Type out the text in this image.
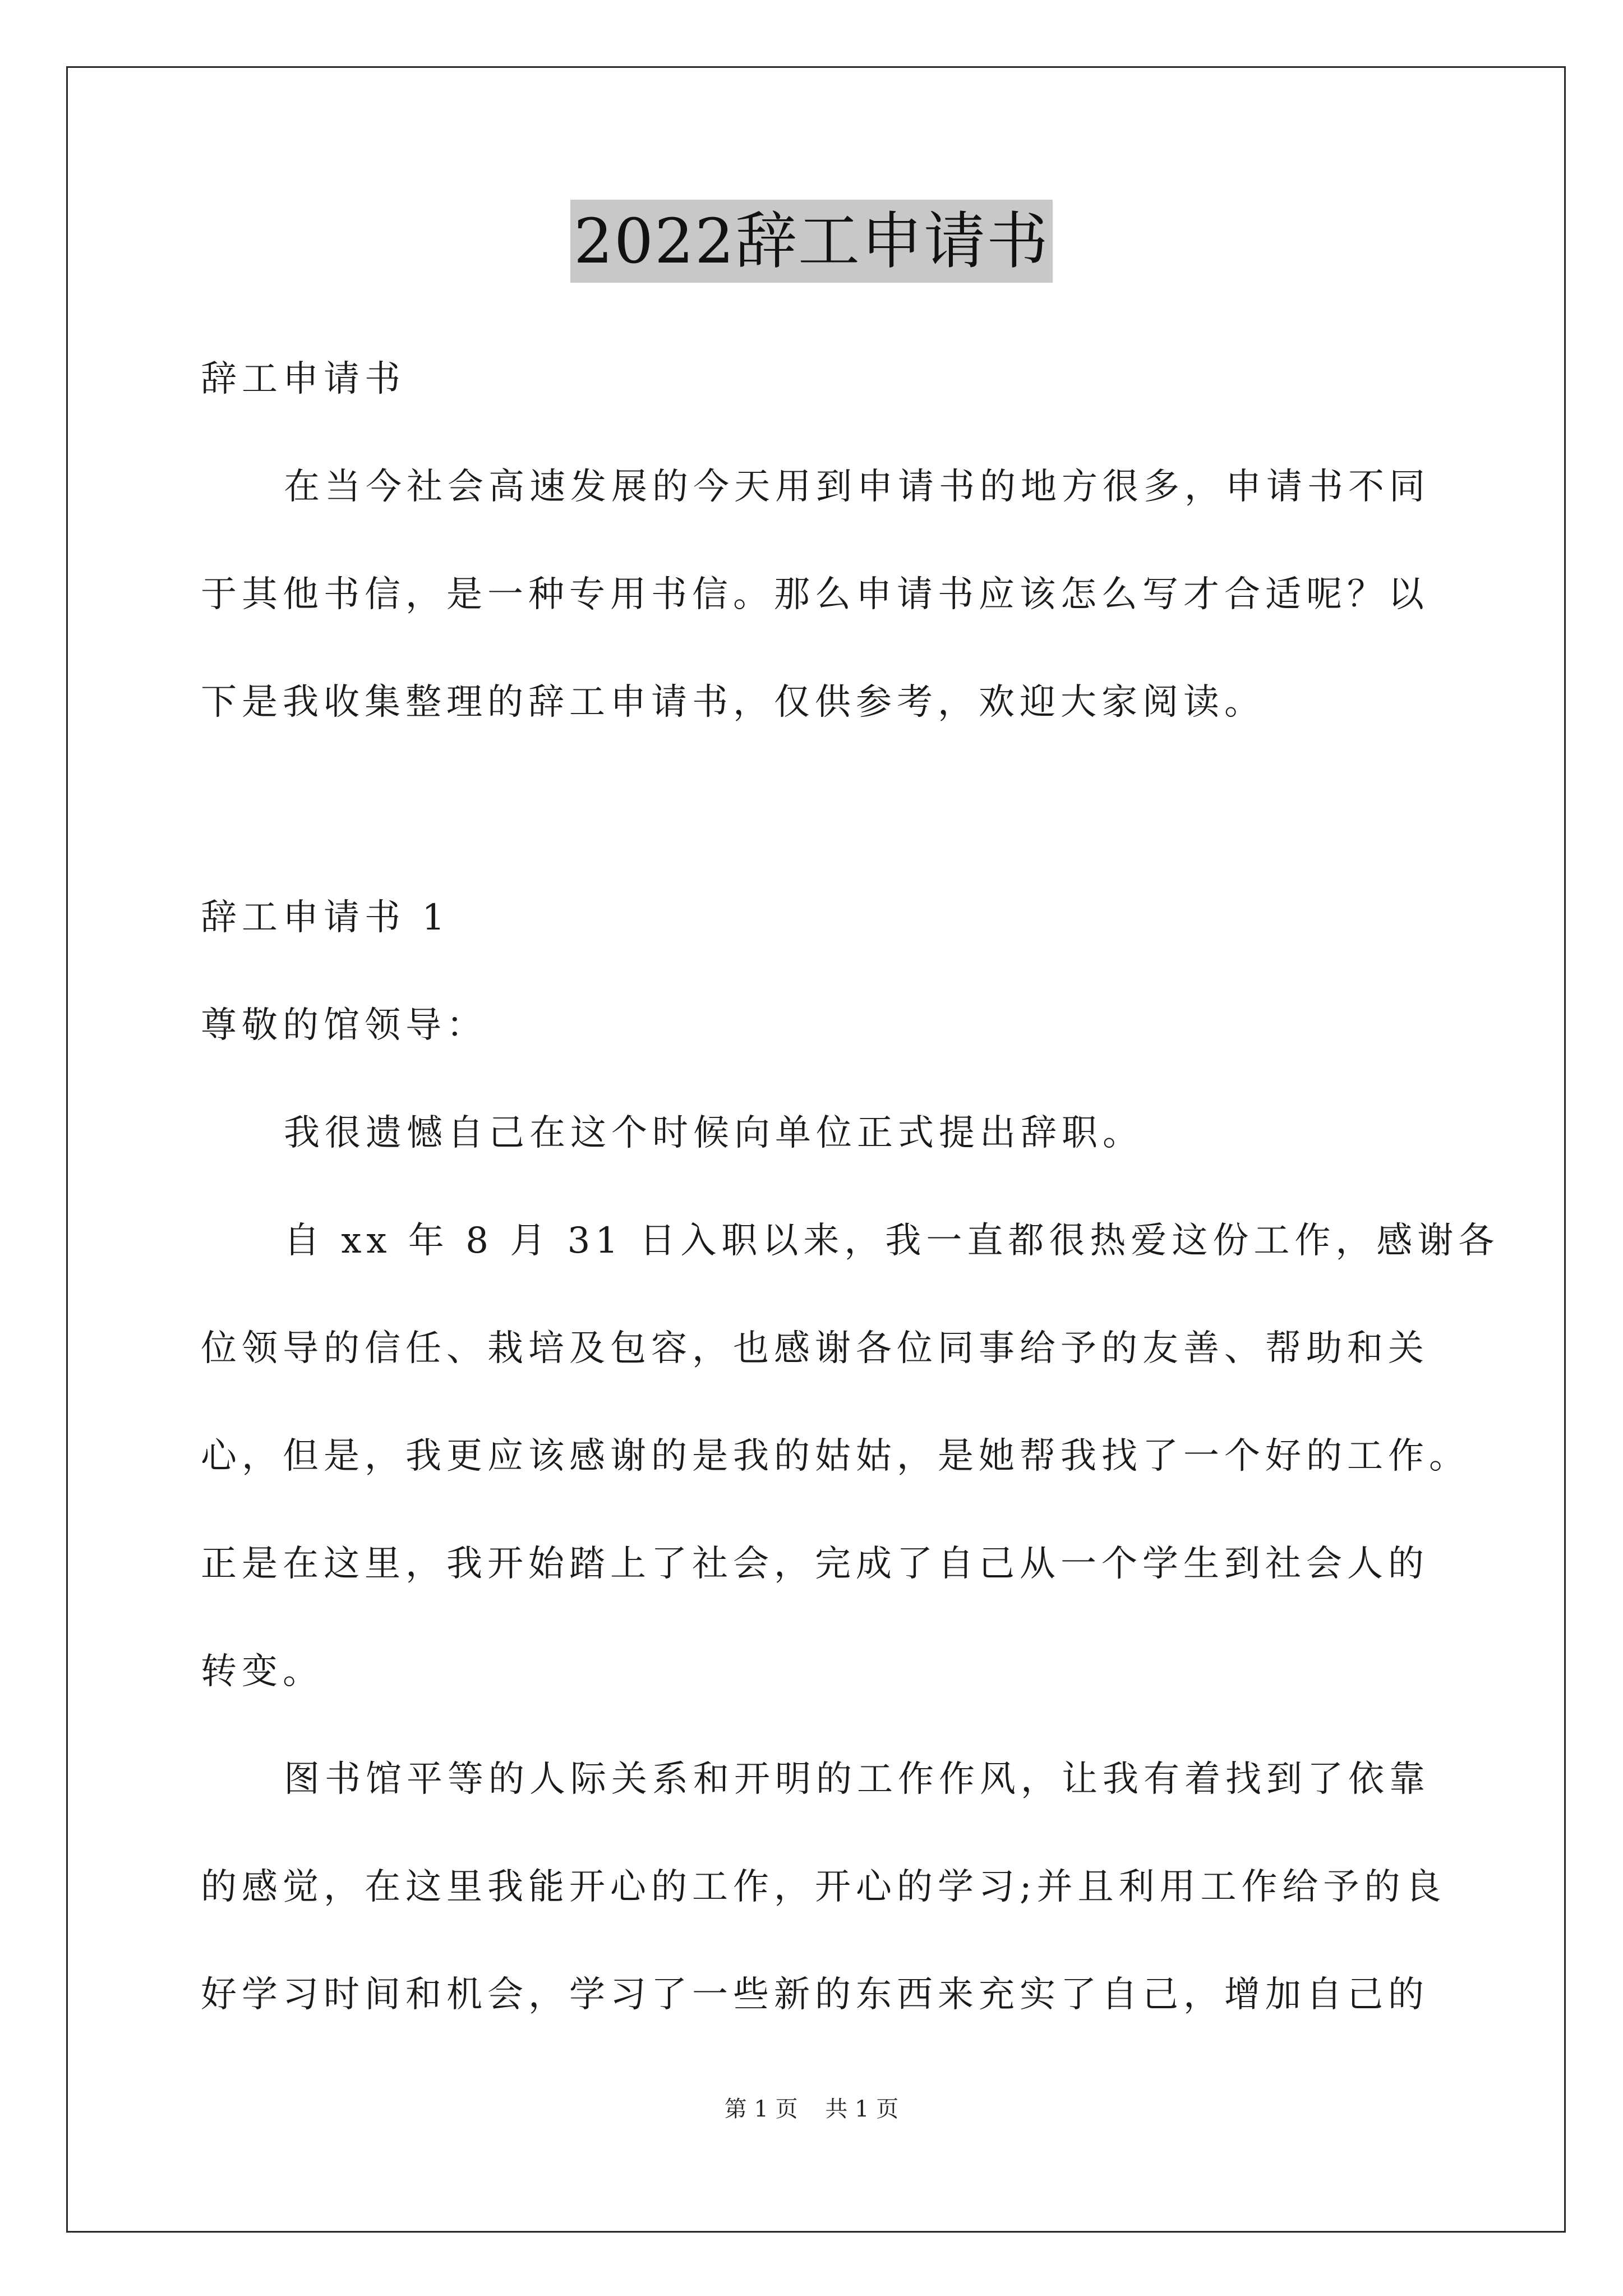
2022辞工申请书
辞工申请书
在当今社会高速发展的今天用到申请书的地方很多，申请书不同
于其他书信，是一种专用书信。那么申请书应该怎么写才合适呢？以
下是我收集整理的辞工申请书，仅供参考，欢迎大家阅读。
辞工申请书 1
尊敬的馆领导：
我很遗憾自己在这个时候向单位正式提出辞职。
自 xx 年 8 月 31 日入职以来，我一直都很热爱这份工作，感谢各
位领导的信任、栽培及包容，也感谢各位同事给予的友善、帮助和关
心，但是，我更应该感谢的是我的姑姑，是她帮我找了一个好的工作。
正是在这里，我开始踏上了社会，完成了自己从一个学生到社会人的
转变。
图书馆平等的人际关系和开明的工作作风，让我有着找到了依靠
的感觉，在这里我能开心的工作，开心的学习;并且利用工作给予的良
好学习时间和机会，学习了一些新的东西来充实了自己，增加自己的
第 1 页 共 1 页
